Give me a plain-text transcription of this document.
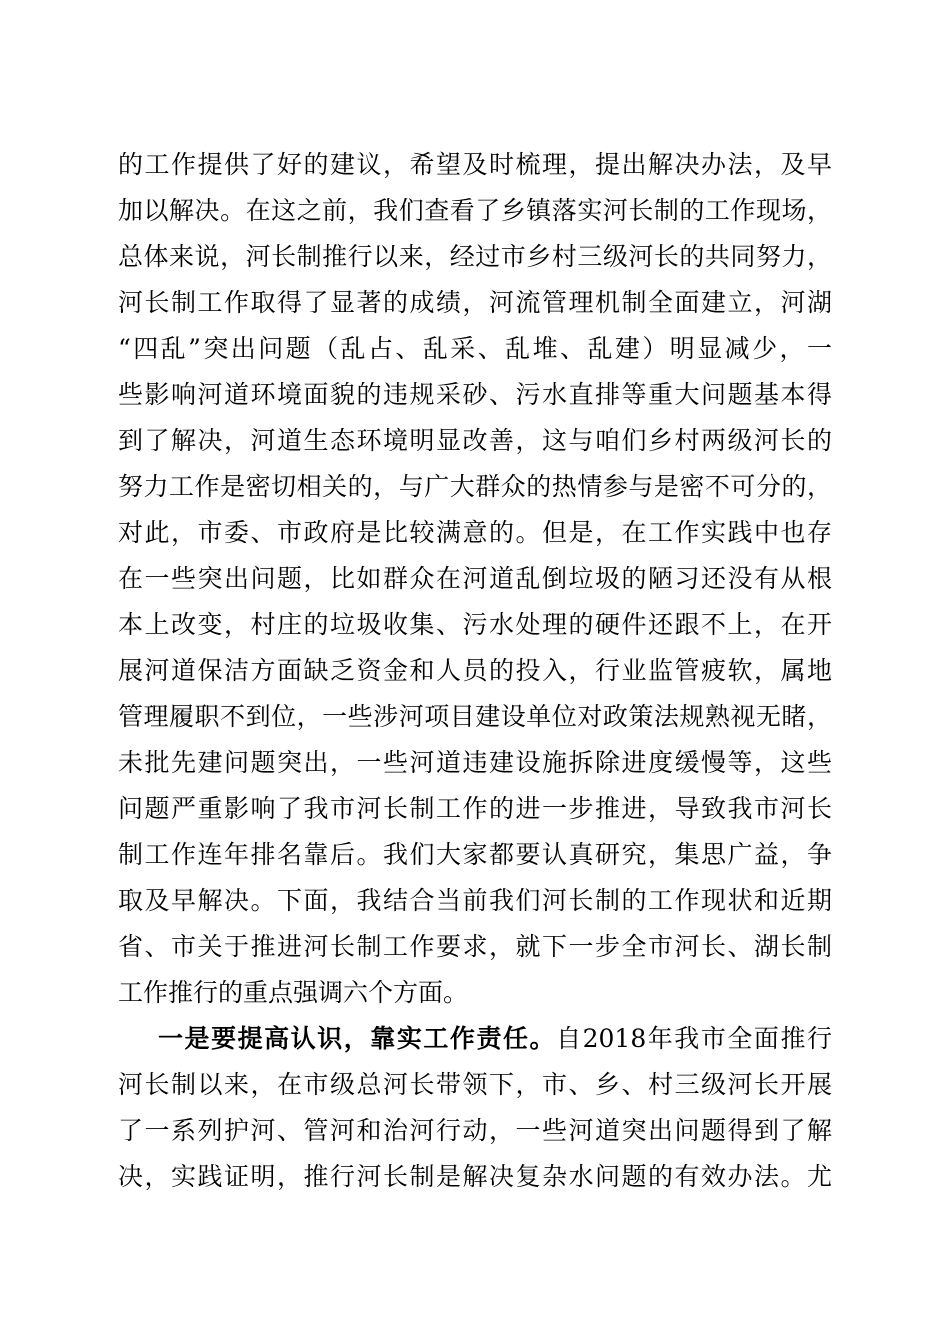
的工作提供了好的建议，希望及时梳理，提出解决办法，及早
加以解决。在这之前，我们查看了乡镇落实河长制的工作现场，
总体来说，河长制推行以来，经过市乡村三级河长的共同努力，
河长制工作取得了显著的成绩，河流管理机制全面建立，河湖
“四乱”突出问题（乱占、乱采、乱堆、乱建）明显减少，一
些影响河道环境面貌的违规采砂、污水直排等重大问题基本得
到了解决，河道生态环境明显改善，这与咱们乡村两级河长的
努力工作是密切相关的，与广大群众的热情参与是密不可分的，
对此，市委、市政府是比较满意的。但是，在工作实践中也存
在一些突出问题，比如群众在河道乱倒垃圾的陋习还没有从根
本上改变，村庄的垃圾收集、污水处理的硬件还跟不上，在开
展河道保洁方面缺乏资金和人员的投入，行业监管疲软，属地
管理履职不到位，一些涉河项目建设单位对政策法规熟视无睹，
未批先建问题突出，一些河道违建设施拆除进度缓慢等，这些
问题严重影响了我市河长制工作的进一步推进，导致我市河长
制工作连年排名靠后。我们大家都要认真研究，集思广益，争
取及早解决。下面，我结合当前我们河长制的工作现状和近期
省、市关于推进河长制工作要求，就下一步全市河长、湖长制
工作推行的重点强调六个方面。
一是要提高认识，靠实工作责任。自2018年我市全面推行
河长制以来，在市级总河长带领下，市、乡、村三级河长开展
了一系列护河、管河和治河行动，一些河道突出问题得到了解
决，实践证明，推行河长制是解决复杂水问题的有效办法。尤
